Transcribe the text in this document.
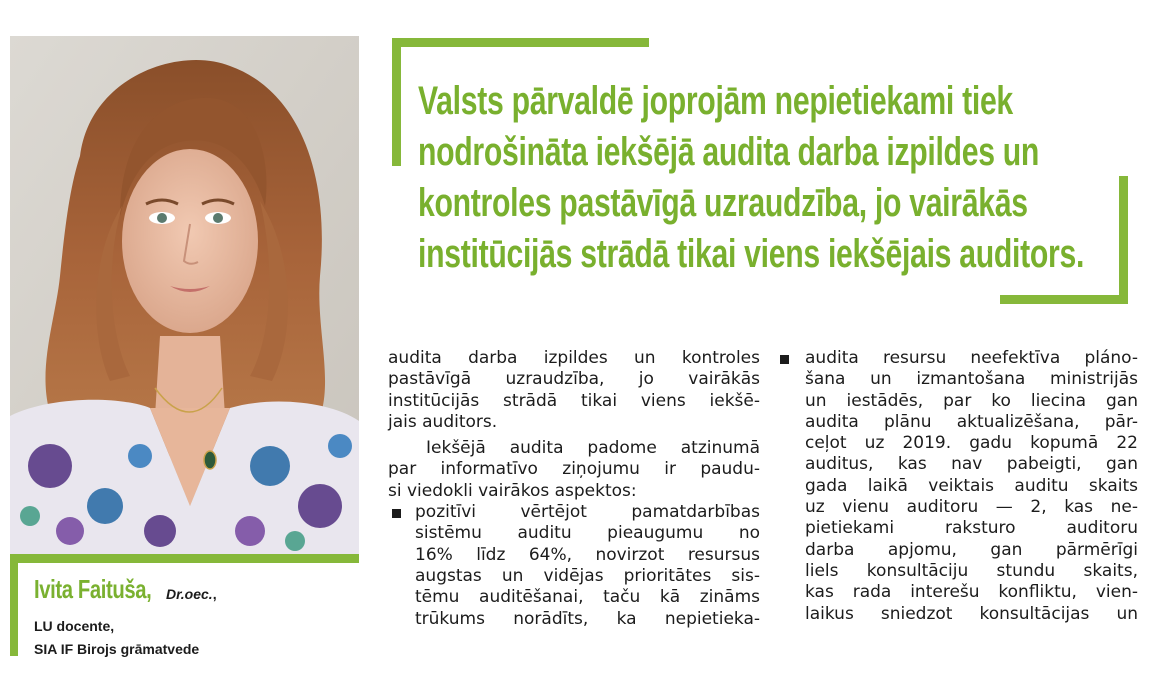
Ivita Faituša, Dr.oec.,
LU docente,
SIA IF Birojs grāmatvede
Valsts pārvaldē joprojām nepietiekami tiek
nodrošināta iekšējā audita darba izpildes un
kontroles pastāvīgā uzraudzība, jo vairākās
institūcijās strādā tikai viens iekšējais auditors.
audita darba izpildes un kontroles
pastāvīgā uzraudzība, jo vairākās
institūcijās strādā tikai viens iekšē-
jais auditors.
Iekšējā audita padome atzinumā
par informatīvo ziņojumu ir paudu-
si viedokli vairākos aspektos:
pozitīvi vērtējot pamatdarbības
sistēmu auditu pieaugumu no
16% līdz 64%, novirzot resursus
augstas un vidējas prioritātes sis-
tēmu auditēšanai, taču kā zināms
trūkums norādīts, ka nepietieka-
audita resursu neefektīva pláno-
šana un izmantošana ministrijās
un iestādēs, par ko liecina gan
audita plānu aktualizēšana, pār-
ceļot uz 2019. gadu kopumā 22
auditus, kas nav pabeigti, gan
gada laikā veiktais auditu skaits
uz vienu auditoru — 2, kas ne-
pietiekami raksturo auditoru
darba apjomu, gan pārmērīgi
liels konsultāciju stundu skaits,
kas rada interešu konfliktu, vien-
laikus sniedzot konsultācijas un
